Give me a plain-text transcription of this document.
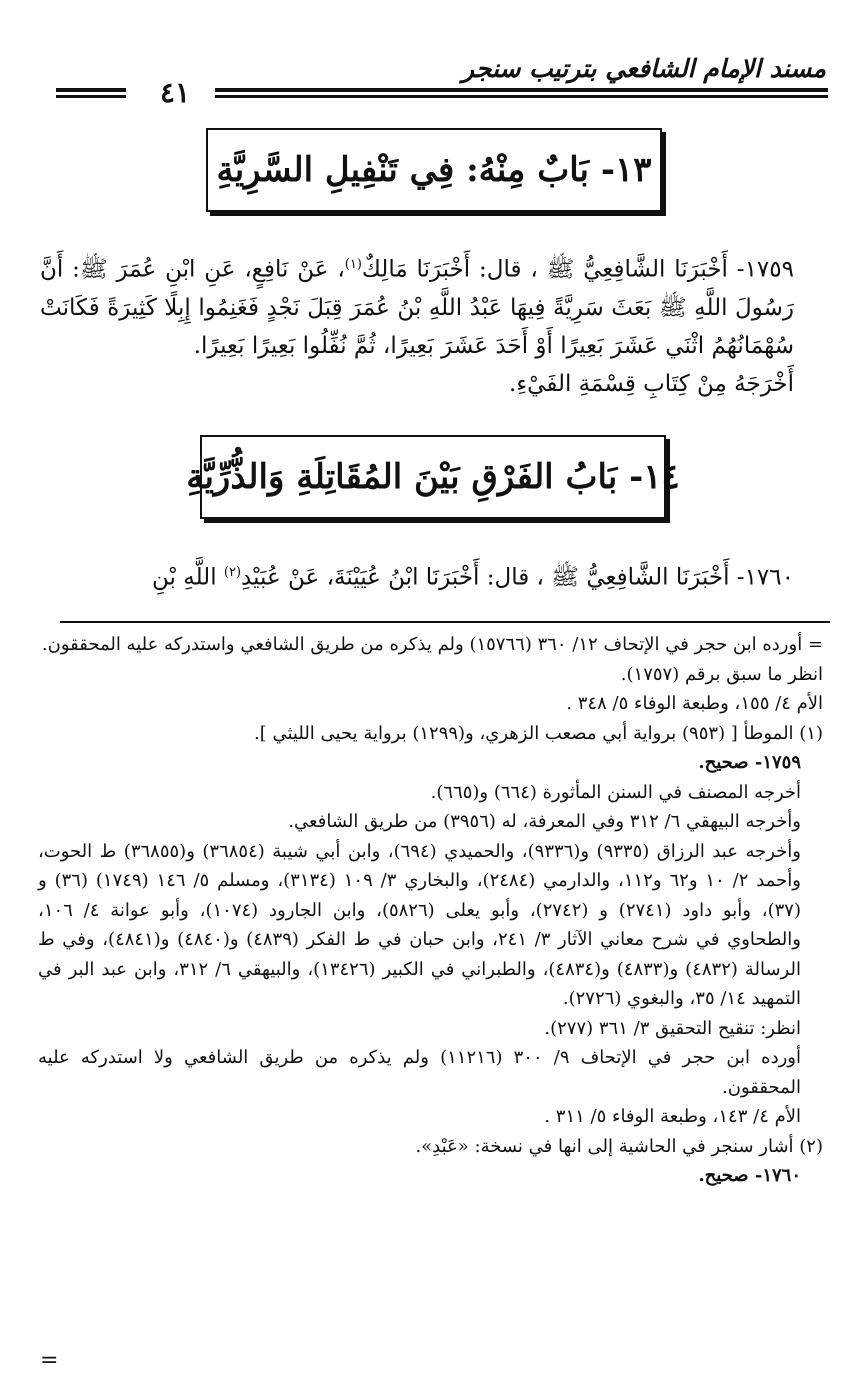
مسند الإمام الشافعي بترتيب سنجر
٤١
١٣- بَابٌ مِنْهُ: فِي تَنْفِيلِ السَّرِيَّةِ

١٧٥٩- أَخْبَرَنَا الشَّافِعِيُّ ﷺ ، قال: أَخْبَرَنَا مَالِكٌ$^{(١)}$، عَنْ نَافِعٍ، عَنِ ابْنِ عُمَرَ ﷺ: أَنَّ رَسُولَ اللَّهِ ﷺ بَعَثَ سَرِيَّةً فِيهَا عَبْدُ اللَّهِ بْنُ عُمَرَ قِبَلَ نَجْدٍ فَغَنِمُوا إِبِلًا كَثِيرَةً فَكَانَتْ سُهْمَانُهُمُ اثْنَي عَشَرَ بَعِيرًا أَوْ أَحَدَ عَشَرَ بَعِيرًا، ثُمَّ نُفِّلُوا بَعِيرًا بَعِيرًا.

أَخْرَجَهُ مِنْ كِتَابِ قِسْمَةِ الفَيْءِ.

١٤- بَابُ الفَرْقِ بَيْنَ المُقَاتِلَةِ وَالذُّرِّيَّةِ

١٧٦٠- أَخْبَرَنَا الشَّافِعِيُّ ﷺ ، قال: أَخْبَرَنَا ابْنُ عُيَيْنَةَ، عَنْ عُبَيْدِ$^{(٢)}$ اللَّهِ بْنِ

= أورده ابن حجر في الإتحاف ١٢/ ٣٦٠ (١٥٧٦٦) ولم يذكره من طريق الشافعي واستدركه عليه المحققون.

انظر ما سبق برقم (١٧٥٧).

الأم ٤/ ١٥٥، وطبعة الوفاء ٥/ ٣٤٨ .

(١) الموطأ [ (٩٥٣) برواية أبي مصعب الزهري، و(١٢٩٩) برواية يحيى الليثي ].

١٧٥٩- صحيح.

أخرجه المصنف في السنن المأثورة (٦٦٤) و(٦٦٥).

وأخرجه البيهقي ٦/ ٣١٢ وفي المعرفة، له (٣٩٥٦) من طريق الشافعي.

وأخرجه عبد الرزاق (٩٣٣٥) و(٩٣٣٦)، والحميدي (٦٩٤)، وابن أبي شيبة (٣٦٨٥٤) و(٣٦٨٥٥) ط الحوت، وأحمد ٢/ ١٠ و٦٢ و١١٢، والدارمي (٢٤٨٤)، والبخاري ٣/ ١٠٩ (٣١٣٤)، ومسلم ٥/ ١٤٦ (١٧٤٩) (٣٦) و (٣٧)، وأبو داود (٢٧٤١) و (٢٧٤٢)، وأبو يعلى (٥٨٢٦)، وابن الجارود (١٠٧٤)، وأبو عوانة ٤/ ١٠٦، والطحاوي في شرح معاني الآثار ٣/ ٢٤١، وابن حبان في ط الفكر (٤٨٣٩) و(٤٨٤٠) و(٤٨٤١)، وفي ط الرسالة (٤٨٣٢) و(٤٨٣٣) و(٤٨٣٤)، والطبراني في الكبير (١٣٤٢٦)، والبيهقي ٦/ ٣١٢، وابن عبد البر في التمهيد ١٤/ ٣٥، والبغوي (٢٧٢٦).

انظر: تنقيح التحقيق ٣/ ٣٦١ (٢٧٧).

أورده ابن حجر في الإتحاف ٩/ ٣٠٠ (١١٢١٦) ولم يذكره من طريق الشافعي ولا استدركه عليه المحققون.

الأم ٤/ ١٤٣، وطبعة الوفاء ٥/ ٣١١ .

(٢) أشار سنجر في الحاشية إلى انها في نسخة: «عَبْدِ».

١٧٦٠- صحيح.

=
